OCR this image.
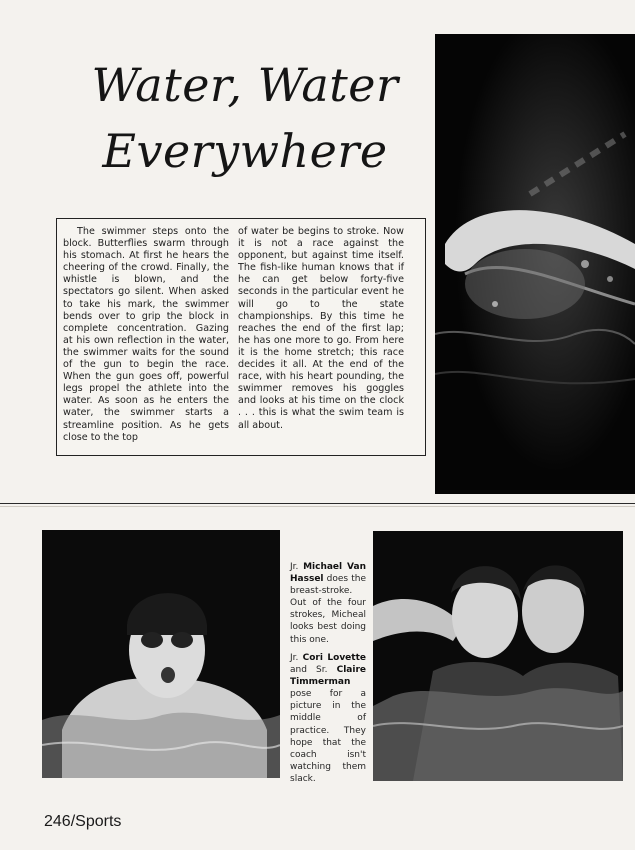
Water, Water
Everywhere
The swimmer steps onto the block. Butterflies swarm through his stomach. At first he hears the cheering of the crowd. Finally, the whistle is blown, and the spectators go silent. When asked to take his mark, the swimmer bends over to grip the block in complete concentration. Gazing at his own reflection in the water, the swimmer waits for the sound of the gun to begin the race. When the gun goes off, powerful legs propel the athlete into the water. As soon as he enters the water, the swimmer starts a streamline position. As he gets close to the top
of water be begins to stroke. Now it is not a race against the opponent, but against time itself. The fish-like human knows that if he can get below forty-five seconds in the particular event he will go to the state championships. By this time he reaches the end of the first lap; he has one more to go. From here it is the home stretch; this race decides it all. At the end of the race, with his heart pounding, the swimmer removes his goggles and looks at his time on the clock . . . this is what the swim team is all about.
Jr. Michael Van Hassel does the breast-stroke. Out of the four strokes, Micheal looks best doing this one.
Jr. Cori Lovette and Sr. Claire Timmerman pose for a picture in the middle of practice. They hope that the coach isn't watching them slack.
246/Sports
